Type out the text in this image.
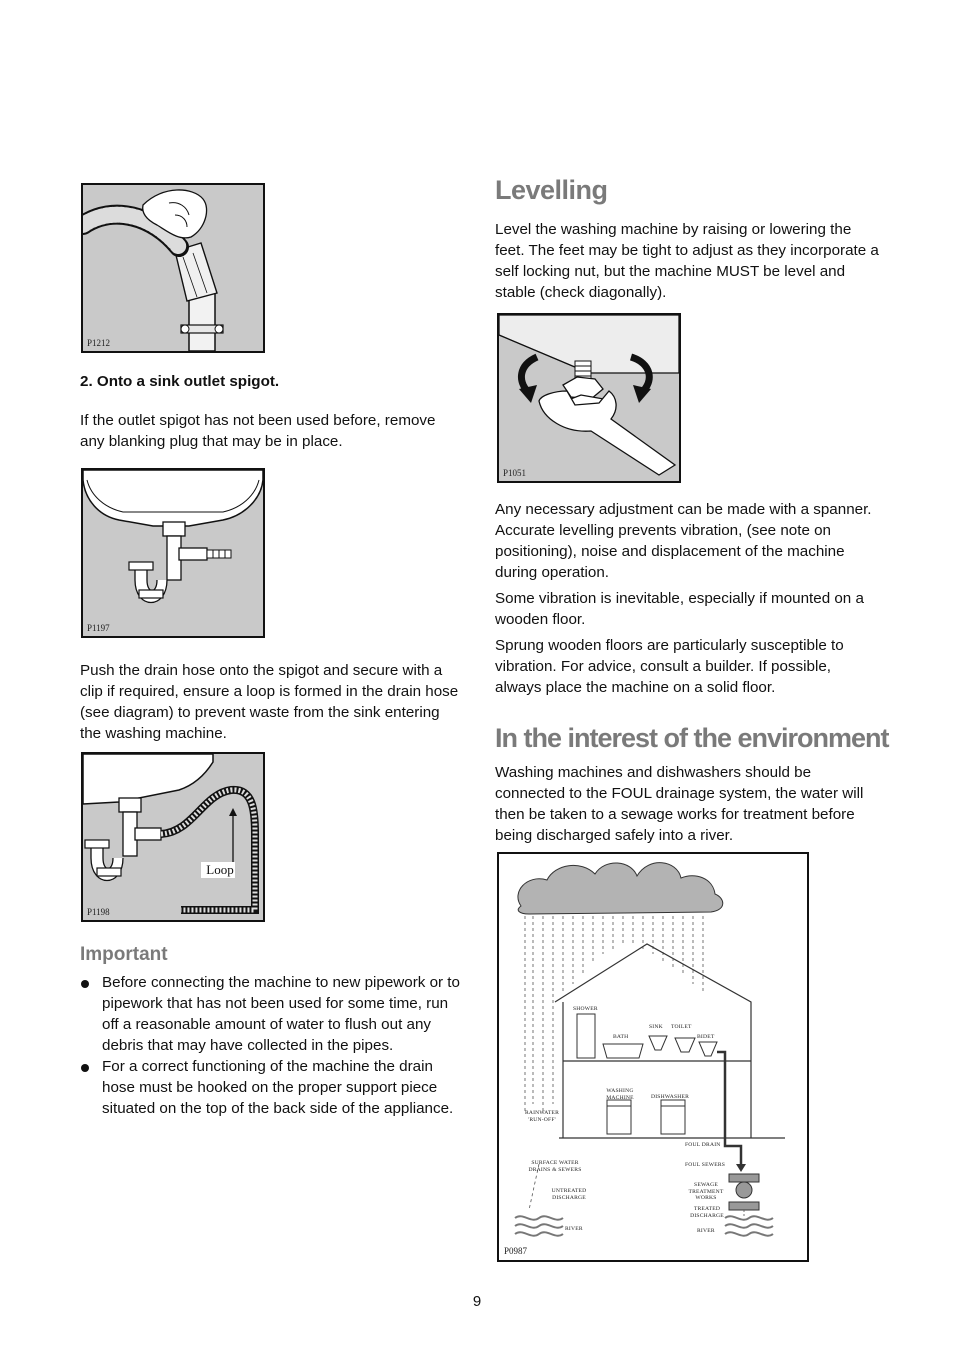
P1212
2. Onto a sink outlet spigot.
If the outlet spigot has not been used before, remove any blanking plug that may be in place.
P1197
Push the drain hose onto the spigot and secure with a clip if required, ensure a loop is formed in the drain hose (see diagram) to prevent waste from the sink entering the washing machine.
Loop
P1198
Important
Before connecting the machine to new pipework or to pipework that has not been used for some time, run off a reasonable amount of water to flush out any debris that may have collected in the pipes.
For a correct functioning of the machine the drain hose must be hooked on the proper support piece situated on the top of the back side of the appliance.
Levelling
Level the washing machine by raising or lowering the feet. The feet may be tight to adjust as they incorporate a self locking nut, but the machine MUST be level and stable (check diagonally).
P1051
Any necessary adjustment can be made with a spanner. Accurate levelling prevents vibration, (see note on positioning), noise and displacement of the machine during operation.
Some vibration is inevitable, especially if mounted on a wooden floor.
Sprung wooden floors are particularly susceptible to vibration. For advice, consult a builder. If possible, always place the machine on a solid floor.
In the interest of the environment
Washing machines and dishwashers should be connected to the FOUL drainage system, the water will then be taken to a sewage works for treatment before being discharged safely into a river.
SHOWER
BATH
SINK TOILET
BIDET
WASHING
MACHINE	DISHWASHER
RAINWATER
'RUN-OFF'
FOUL DRAIN
FOUL SEWERS
SURFACE WATER
DRAINS & SEWERS
SEWAGE
TREATMENT
WORKS
UNTREATED
DISCHARGE
TREATED
DISCHARGE
RIVER	RIVER
P0987
9
